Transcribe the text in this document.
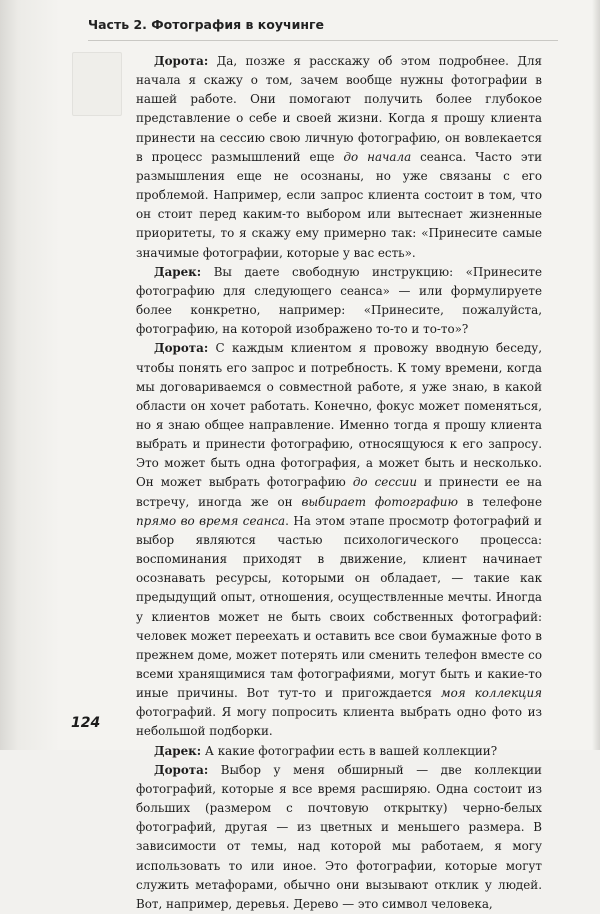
Часть 2. Фотография в коучинге

Дорота: Да, позже я расскажу об этом подробнее. Для начала я скажу о том, зачем вообще нужны фотографии в нашей работе. Они помогают получить более глубокое представление о себе и своей жизни. Когда я прошу клиента принести на сессию свою личную фотографию, он вовлекается в процесс размышлений еще до начала сеанса. Часто эти размышления еще не осознаны, но уже связаны с его проблемой. Например, если запрос клиента состоит в том, что он стоит перед каким-то выбором или вытеснает жизненные приоритеты, то я скажу ему примерно так: «Принесите самые значимые фотографии, которые у вас есть».

Дарек: Вы даете свободную инструкцию: «Принесите фотографию для следующего сеанса» — или формулируете более конкретно, например: «Принесите, пожалуйста, фотографию, на которой изображено то-то и то-то»?

Дорота: С каждым клиентом я провожу вводную беседу, чтобы понять его запрос и потребность. К тому времени, когда мы договариваемся о совместной работе, я уже знаю, в какой области он хочет работать. Конечно, фокус может поменяться, но я знаю общее направление. Именно тогда я прошу клиента выбрать и принести фотографию, относящуюся к его запросу. Это может быть одна фотография, а может быть и несколько. Он может выбрать фотографию до сессии и принести ее на встречу, иногда же он выбирает фотографию в телефоне прямо во время сеанса. На этом этапе просмотр фотографий и выбор являются частью психологического процесса: воспоминания приходят в движение, клиент начинает осознавать ресурсы, которыми он обладает, — такие как предыдущий опыт, отношения, осуществленные мечты. Иногда у клиентов может не быть своих собственных фотографий: человек может переехать и оставить все свои бумажные фото в прежнем доме, может потерять или сменить телефон вместе со всеми хранящимися там фотографиями, могут быть и какие-то иные причины. Вот тут-то и пригождается моя коллекция фотографий. Я могу попросить клиента выбрать одно фото из небольшой подборки.

Дарек: А какие фотографии есть в вашей коллекции?

Дорота: Выбор у меня обширный — две коллекции фотографий, которые я все время расширяю. Одна состоит из больших (размером с почтовую открытку) черно-белых фотографий, другая — из цветных и меньшего размера. В зависимости от темы, над которой мы работаем, я могу использовать то или иное. Это фотографии, которые могут служить метафорами, обычно они вызывают отклик у людей. Вот, например, деревья. Дерево — это символ человека,

124
